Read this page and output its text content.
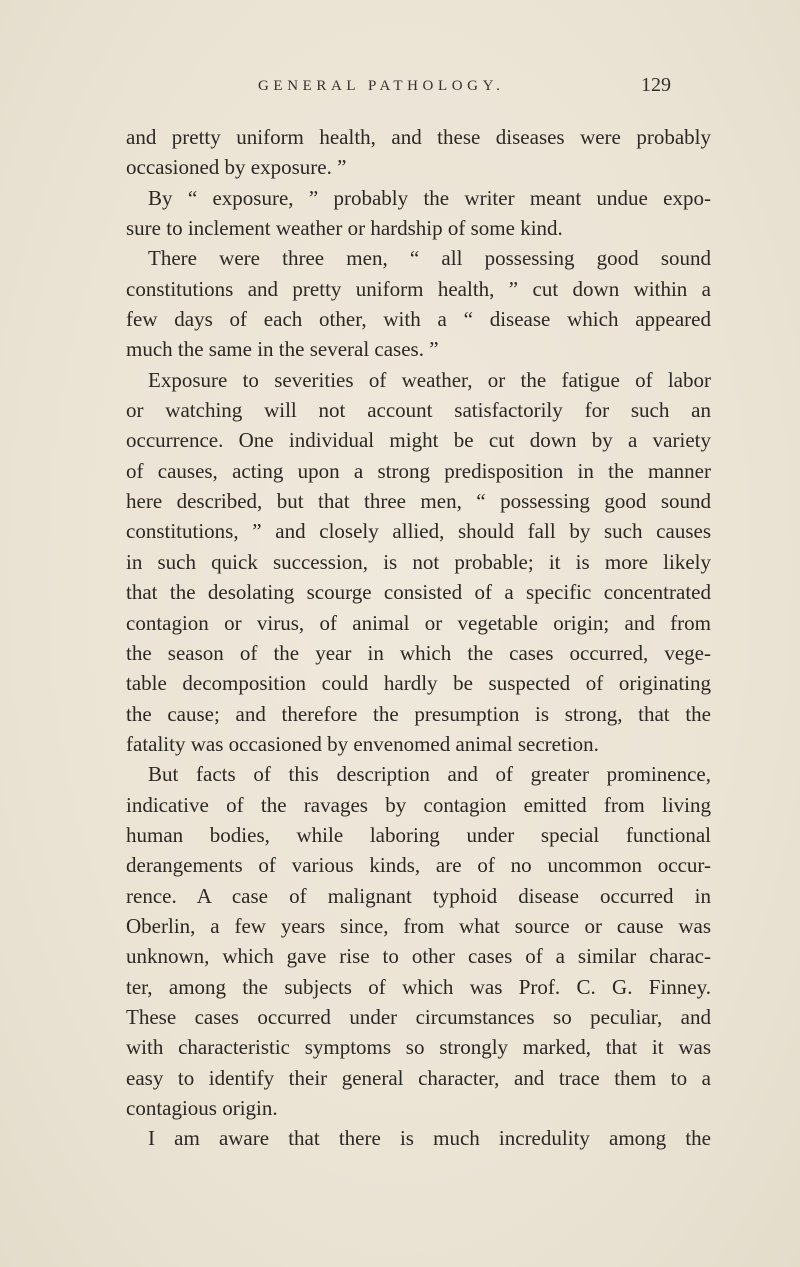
GENERAL PATHOLOGY.	129
and pretty uniform health, and these diseases were probably
occasioned by exposure. ”
By “ exposure, ” probably the writer meant undue expo-
sure to inclement weather or hardship of some kind.
There were three men, “ all possessing good sound
constitutions and pretty uniform health, ” cut down within a
few days of each other, with a “ disease which appeared
much the same in the several cases. ”
Exposure to severities of weather, or the fatigue of labor
or watching will not account satisfactorily for such an
occurrence. One individual might be cut down by a variety
of causes, acting upon a strong predisposition in the manner
here described, but that three men, “ possessing good sound
constitutions, ” and closely allied, should fall by such causes
in such quick succession, is not probable; it is more likely
that the desolating scourge consisted of a specific concentrated
contagion or virus, of animal or vegetable origin; and from
the season of the year in which the cases occurred, vege-
table decomposition could hardly be suspected of originating
the cause; and therefore the presumption is strong, that the
fatality was occasioned by envenomed animal secretion.
But facts of this description and of greater prominence,
indicative of the ravages by contagion emitted from living
human bodies, while laboring under special functional
derangements of various kinds, are of no uncommon occur-
rence. A case of malignant typhoid disease occurred in
Oberlin, a few years since, from what source or cause was
unknown, which gave rise to other cases of a similar charac-
ter, among the subjects of which was Prof. C. G. Finney.
These cases occurred under circumstances so peculiar, and
with characteristic symptoms so strongly marked, that it was
easy to identify their general character, and trace them to a
contagious origin.
I am aware that there is much incredulity among the
